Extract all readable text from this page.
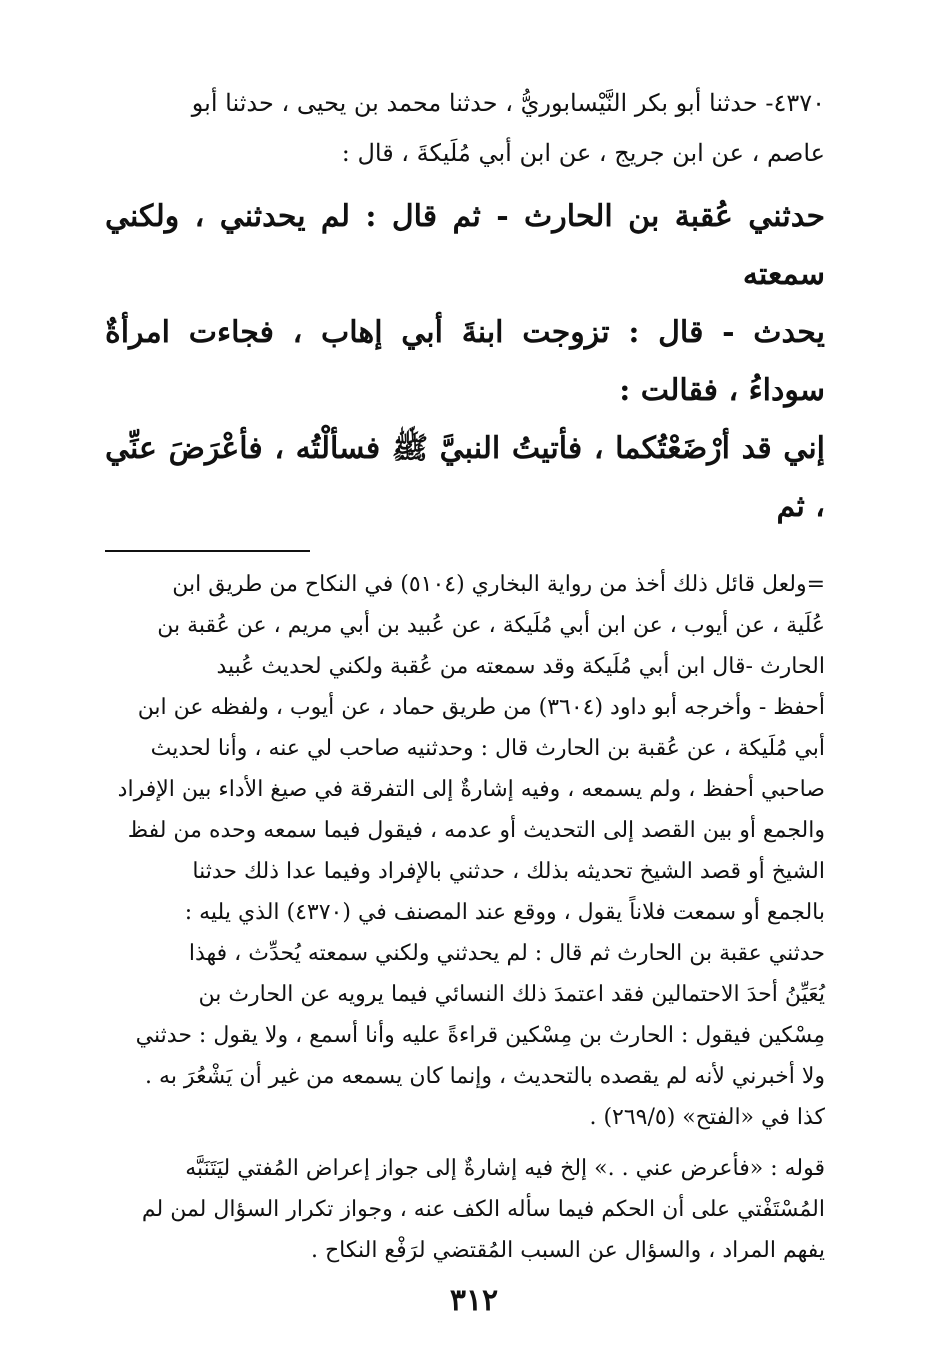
٤٣٧٠- حدثنا أبو بكر النَّيْسابوريُّ ، حدثنا محمد بن يحيى ، حدثنا أبو
عاصم ، عن ابن جريج ، عن ابن أبي مُلَيكةَ ، قال :

حدثني عُقبة بن الحارث - ثم قال : لم يحدثني ، ولكني سمعته
يحدث - قال : تزوجت ابنةَ أبي إهاب ، فجاءت امرأةٌ سوداءُ ، فقالت :
إني قد أرْضَعْتُكما ، فأتيتُ النبيَّ ﷺ فسألْتُه ، فأعْرَضَ عنِّي ، ثم

=ولعل قائل ذلك أخذ من رواية البخاري (٥١٠٤) في النكاح من طريق ابن
عُلَية ، عن أيوب ، عن ابن أبي مُلَيكة ، عن عُبيد بن أبي مريم ، عن عُقبة بن
الحارث -قال ابن أبي مُلَيكة وقد سمعته من عُقبة ولكني لحديث عُبيد
أحفظ - وأخرجه أبو داود (٣٦٠٤) من طريق حماد ، عن أيوب ، ولفظه عن ابن
أبي مُلَيكة ، عن عُقبة بن الحارث قال : وحدثنيه صاحب لي عنه ، وأنا لحديث
صاحبي أحفظ ، ولم يسمعه ، وفيه إشارةٌ إلى التفرقة في صيغ الأداء بين الإفراد
والجمع أو بين القصد إلى التحديث أو عدمه ، فيقول فيما سمعه وحده من لفظ
الشيخ أو قصد الشيخ تحديثه بذلك ، حدثني بالإفراد وفيما عدا ذلك حدثنا
بالجمع أو سمعت فلاناً يقول ، ووقع عند المصنف في (٤٣٧٠) الذي يليه :
حدثني عقبة بن الحارث ثم قال : لم يحدثني ولكني سمعته يُحدِّث ، فهذا
يُعَيِّنُ أحدَ الاحتمالين فقد اعتمدَ ذلك النسائي فيما يرويه عن الحارث بن
مِسْكين فيقول : الحارث بن مِسْكين قراءةً عليه وأنا أسمع ، ولا يقول : حدثني
ولا أخبرني لأنه لم يقصده بالتحديث ، وإنما كان يسمعه من غير أن يَشْعُرَ به .
كذا في «الفتح» (٢٦٩/٥) .

قوله : «فأعرض عني . .» إلخ فيه إشارةٌ إلى جواز إعراض المُفتي ليَتَنَبَّه
المُسْتَفْتي على أن الحكم فيما سأله الكف عنه ، وجواز تكرار السؤال لمن لم
يفهم المراد ، والسؤال عن السبب المُقتضي لرَفْع النكاح .

٣١٢
